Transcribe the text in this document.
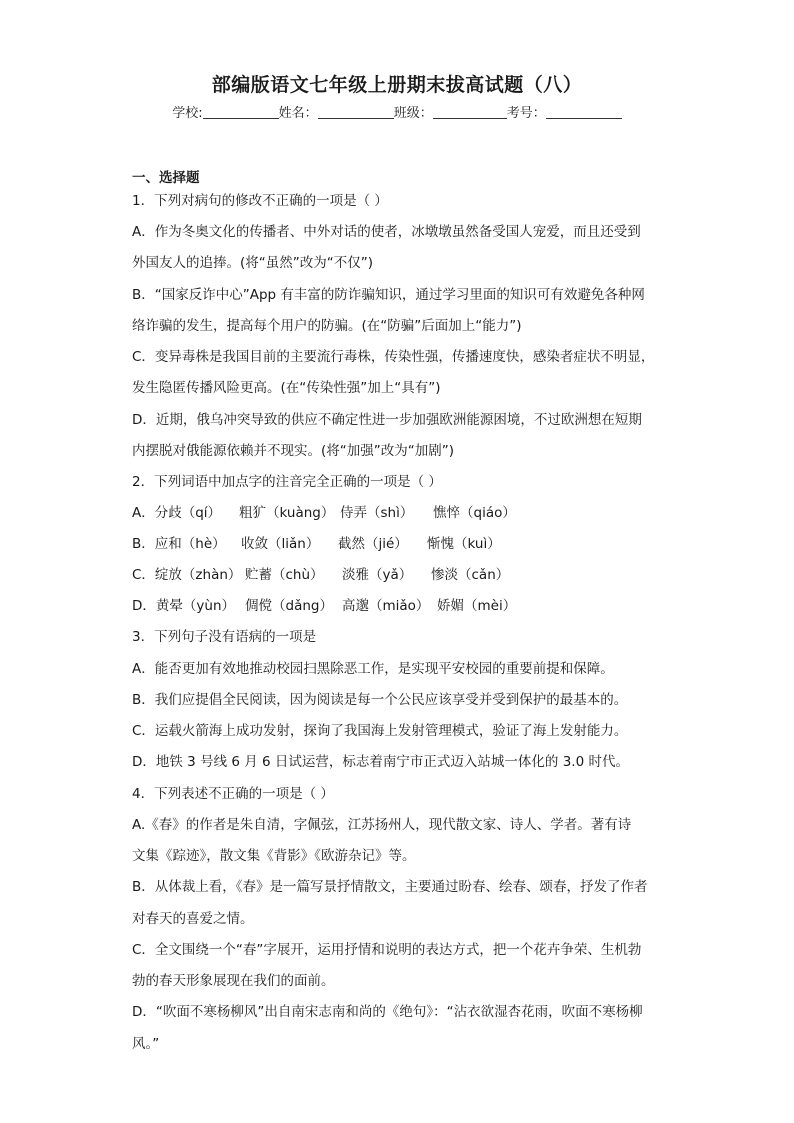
部编版语文七年级上册期末拔高试题（八）
学校:	姓名：	班级：	考号：
一、选择题
1．下列对病句的修改不正确的一项是（ ）
A．作为冬奥文化的传播者、中外对话的使者，冰墩墩虽然备受国人宠爱，而且还受到
外国友人的追捧。(将“虽然”改为“不仅”)
B．“国家反诈中心”App 有丰富的防诈骗知识，通过学习里面的知识可有效避免各种网
络诈骗的发生，提高每个用户的防骗。(在“防骗”后面加上“能力”)
C．变异毒株是我国目前的主要流行毒株，传染性强，传播速度快，感染者症状不明显，
发生隐匿传播风险更高。(在“传染性强”加上“具有”)
D．近期，俄乌冲突导致的供应不确定性进一步加强欧洲能源困境，不过欧洲想在短期
内摆脱对俄能源依赖并不现实。(将“加强”改为“加剧”)
2．下列词语中加点字的注音完全正确的一项是（ ）
A．分歧（qí） 粗犷（kuàng） 侍弄（shì） 憔悴（qiáo）
B．应和（hè） 收敛（liǎn） 截然（jié） 惭愧（kuì）
C．绽放（zhàn） 贮蓄（chù） 淡雅（yǎ） 惨淡（cǎn）
D．黄晕（yùn） 倜傥（dǎng） 高邈（miǎo） 娇媚（mèi）
3．下列句子没有语病的一项是
A．能否更加有效地推动校园扫黑除恶工作，是实现平安校园的重要前提和保障。
B．我们应提倡全民阅读，因为阅读是每一个公民应该享受并受到保护的最基本的。
C．运载火箭海上成功发射，探询了我国海上发射管理模式，验证了海上发射能力。
D．地铁 3 号线 6 月 6 日试运营，标志着南宁市正式迈入站城一体化的 3.0 时代。
4．下列表述不正确的一项是（ ）
A.《春》的作者是朱自清，字佩弦，江苏扬州人，现代散文家、诗人、学者。著有诗
文集《踪迹》，散文集《背影》《欧游杂记》等。
B．从体裁上看，《春》是一篇写景抒情散文，主要通过盼春、绘春、颂春，抒发了作者
对春天的喜爱之情。
C．全文围绕一个“春”字展开，运用抒情和说明的表达方式，把一个花卉争荣、生机勃
勃的春天形象展现在我们的面前。
D．“吹面不寒杨柳风”出自南宋志南和尚的《绝句》：“沾衣欲湿杏花雨，吹面不寒杨柳
风。”
